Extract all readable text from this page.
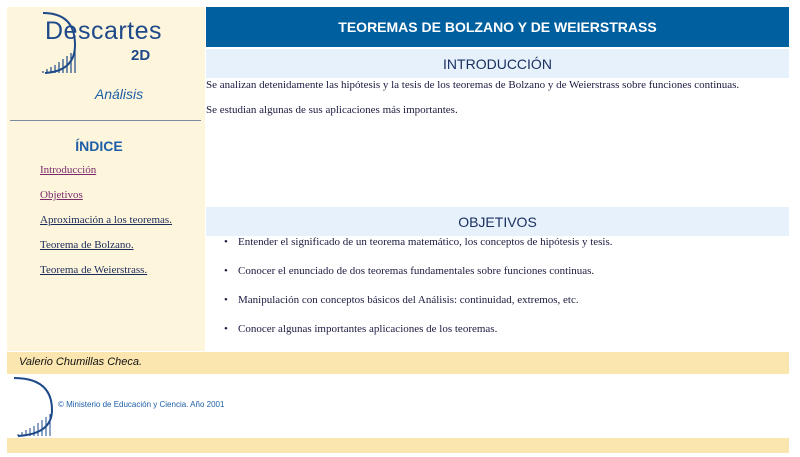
Descartes
2D
Análisis
ÍNDICE
Introducción
Objetivos
Aproximación a los teoremas.
Teorema de Bolzano.
Teorema de Weierstrass.
TEOREMAS DE BOLZANO Y DE WEIERSTRASS
INTRODUCCIÓN
Se analizan detenidamente las hipótesis y la tesis de los teoremas de Bolzano y de Weierstrass sobre funciones continuas.
Se estudian algunas de sus aplicaciones más importantes.
OBJETIVOS
• Entender el significado de un teorema matemático, los conceptos de hipótesis y tesis.
• Conocer el enunciado de dos teoremas fundamentales sobre funciones continuas.
• Manipulación con conceptos básicos del Análisis: continuidad, extremos, etc.
• Conocer algunas importantes aplicaciones de los teoremas.
Valerio Chumillas Checa.
© Ministerio de Educación y Ciencia. Año 2001
